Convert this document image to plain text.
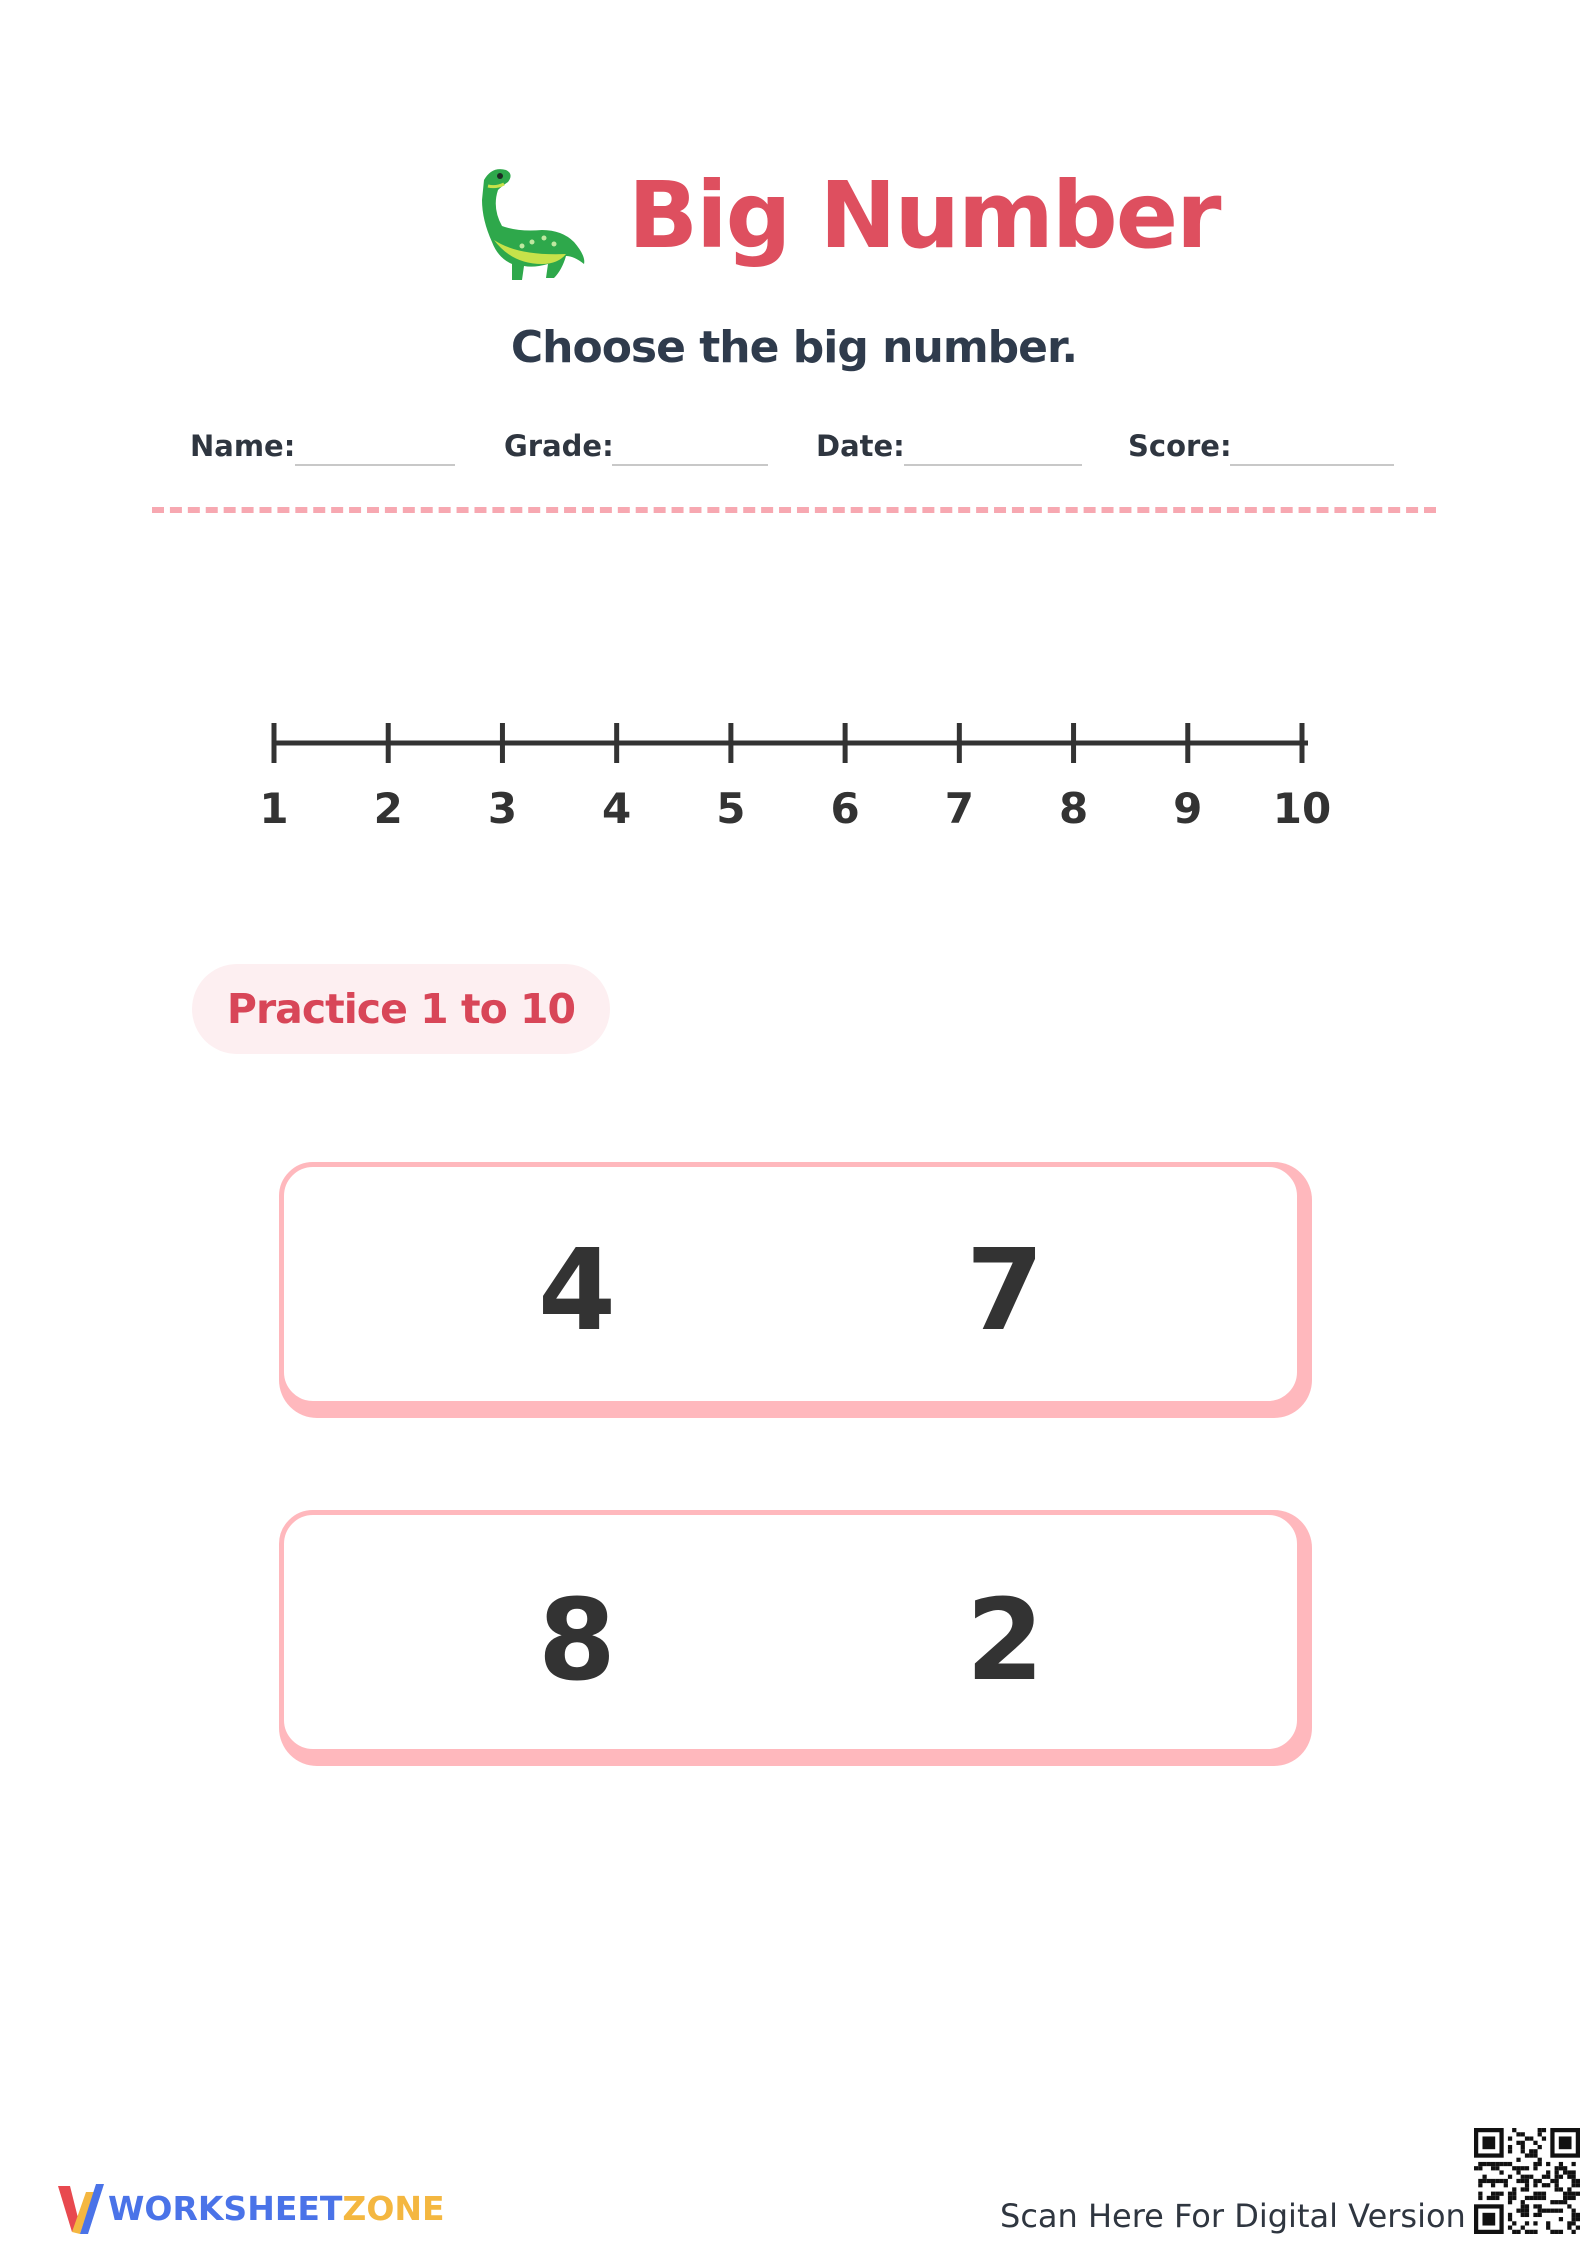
Big Number
Choose the big number.
Name:	Grade:	Date:	Score:
1 2 3 4 5 6 7 8 9 10
Practice 1 to 10
4	7
8	2
WORKSHEETZONE	Scan Here For Digital Version
